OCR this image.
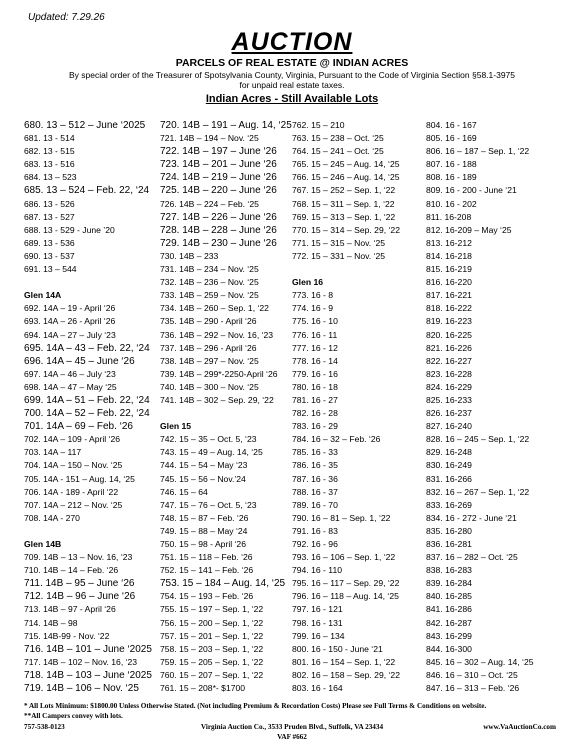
Updated: 7.29.26
AUCTION
PARCELS OF REAL ESTATE @ INDIAN ACRES
By special order of the Treasurer of Spotsylvania County, Virginia, Pursuant to the Code of Virginia Section §58.1-3975
for unpaid real estate taxes.
Indian Acres - Still Available Lots
680. 13 – 512 – June ‘2025
681. 13 - 514
682. 13 - 515
683. 13 - 516
684. 13 – 523
685. 13 – 524 – Feb. 22, ‘24
686. 13 - 526
687. 13 - 527
688. 13 - 529 - June ’20
689. 13 - 536
690. 13 - 537
691. 13 – 544
Glen 14A
692. 14A – 19 - April ‘26
693. 14A – 26 - April ‘26
694. 14A – 27 – July ‘23
695. 14A – 43 – Feb. 22, ‘24
696. 14A – 45 – June ‘26
697. 14A – 46 – July ‘23
698. 14A – 47 – May ‘25
699. 14A – 51 – Feb. 22, ‘24
700. 14A – 52 – Feb. 22, ‘24
701. 14A – 69 – Feb. ‘26
702. 14A – 109 - April ‘26
703. 14A – 117
704. 14A – 150 – Nov. ‘25
705. 14A - 151 – Aug. 14, ‘25
706. 14A - 189 - April ‘22
707. 14A – 212 – Nov. ‘25
708. 14A - 270
Glen 14B
709. 14B – 13 – Nov. 16, ‘23
710. 14B – 14 – Feb. ‘26
711. 14B – 95 – June ‘26
712. 14B – 96 – June ‘26
713. 14B – 97 - April ‘26
714. 14B – 98
715. 14B-99 - Nov. ‘22
716. 14B – 101 – June ‘2025
717. 14B – 102 – Nov. 16, ‘23
718. 14B – 103 – June ‘2025
719. 14B – 106 – Nov. ‘25
720. 14B – 191 – Aug. 14, ‘25
721. 14B – 194 – Nov. ‘25
722. 14B – 197 – June ‘26
723. 14B – 201 – June ‘26
724. 14B – 219 – June ‘26
725. 14B – 220 – June ‘26
726. 14B – 224 – Feb. ‘25
727. 14B – 226 – June ‘26
728. 14B – 228 – June ‘26
729. 14B – 230 – June ‘26
730. 14B – 233
731. 14B – 234 – Nov. ‘25
732. 14B – 236 – Nov. ‘25
733. 14B – 259 – Nov. ‘25
734. 14B – 260 – Sep. 1, ‘22
735. 14B – 290 - April ‘26
736. 14B – 292 – Nov. 16, ‘23
737. 14B – 296 - April ‘26
738. 14B – 297 – Nov. ‘25
739. 14B – 299*-2250-April ‘26
740. 14B – 300 – Nov. ‘25
741. 14B – 302 – Sep. 29, ‘22
Glen 15
742. 15 – 35 – Oct. 5, ‘23
743. 15 – 49 – Aug. 14, ‘25
744. 15 – 54 – May ‘23
745. 15 – 56 – Nov.’24
746. 15 – 64
747. 15 – 76 – Oct. 5, ‘23
748. 15 – 87 – Feb. ‘26
749. 15 – 88 – May ‘24
750. 15 – 98 - April ‘26
751. 15 – 118 – Feb. ‘26
752. 15 – 141 – Feb. ‘26
753. 15 – 184 – Aug. 14, ‘25
754. 15 – 193 – Feb. ‘26
755. 15 – 197 – Sep. 1, ‘22
756. 15 – 200 – Sep. 1, ‘22
757. 15 – 201 – Sep. 1, ‘22
758. 15 – 203 – Sep. 1, ‘22
759. 15 – 205 – Sep. 1, ‘22
760. 15 – 207 – Sep. 1, ‘22
761. 15 – 208*- $1700
762. 15 – 210
763. 15 – 238 – Oct. ‘25
764. 15 – 241 – Oct. ‘25
765. 15 – 245 – Aug. 14, ‘25
766. 15 – 246 – Aug. 14, ‘25
767. 15 – 252 – Sep. 1, ‘22
768. 15 – 311 – Sep. 1, ‘22
769. 15 – 313 – Sep. 1, ‘22
770. 15 – 314 – Sep. 29, ‘22
771. 15 – 315 – Nov. ‘25
772. 15 – 331 – Nov. ‘25
Glen 16
773. 16 - 8
774. 16 - 9
775. 16 - 10
776. 16 - 11
777. 16 - 12
778. 16 - 14
779. 16 - 16
780. 16 - 18
781. 16 - 27
782. 16 - 28
783. 16 - 29
784. 16 – 32 – Feb. ‘26
785. 16 - 33
786. 16 - 35
787. 16 - 36
788. 16 - 37
789. 16 - 70
790. 16 – 81 – Sep. 1, ‘22
791. 16 - 83
792. 16 - 96
793. 16 – 106 – Sep. 1, ‘22
794. 16 - 110
795. 16 – 117 – Sep. 29, ‘22
796. 16 – 118 – Aug. 14, ‘25
797. 16 - 121
798. 16 - 131
799. 16 – 134
800. 16 - 150 - June ‘21
801. 16 – 154 – Sep. 1, ‘22
802. 16 – 158 – Sep. 29, ‘22
803. 16 - 164
804. 16 - 167
805. 16 - 169
806. 16 – 187 – Sep. 1, ‘22
807. 16 - 188
808. 16 - 189
809. 16 - 200 - June ‘21
810. 16 - 202
811. 16-208
812. 16-209 – May ‘25
813. 16-212
814. 16-218
815. 16-219
816. 16-220
817. 16-221
818. 16-222
819. 16-223
820. 16-225
821. 16-226
822. 16-227
823. 16-228
824. 16-229
825. 16-233
826. 16-237
827. 16-240
828. 16 – 245 – Sep. 1, ‘22
829. 16-248
830. 16-249
831. 16-266
832. 16 – 267 – Sep. 1, ‘22
833. 16-269
834. 16 - 272 - June ‘21
835. 16-280
836. 16-281
837. 16 – 282 – Oct. ‘25
838. 16-283
839. 16-284
840. 16-285
841. 16-286
842. 16-287
843. 16-299
844. 16-300
845. 16 – 302 – Aug. 14, ‘25
846. 16 – 310 – Oct. ‘25
847. 16 – 313 – Feb. ‘26
* All Lots Minimum: $1800.00 Unless Otherwise Stated. (Not including Premium & Recordation Costs) Please see Full Terms & Conditions on website.
**All Campers convey with lots.
757-538-0123	Virginia Auction Co., 3533 Pruden Blvd., Suffolk, VA 23434	www.VaAuctionCo.com
VAF #662
